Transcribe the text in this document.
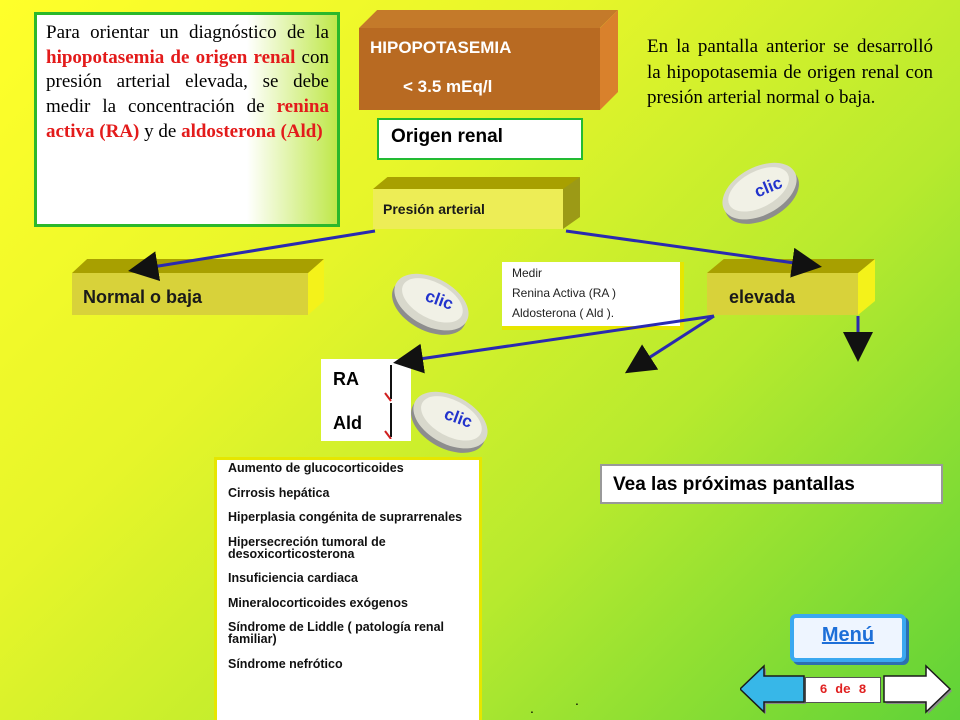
Para orientar un diagnóstico de la hipopotasemia de origen renal con presión arterial elevada, se debe medir la concentración de renina activa (RA) y de aldosterona (Ald)
HIPOPOTASEMIA
< 3.5 mEq/l
Origen renal
Presión arterial
Normal o baja	elevada
Medir
Renina Activa (RA )
Aldosterona ( Ald ).
RA
Ald
Aumento de glucocorticoides
Cirrosis hepática
Hiperplasia congénita de suprarrenales
Hipersecreción tumoral de desoxicorticosterona
Insuficiencia cardiaca
Mineralocorticoides exógenos
Síndrome de Liddle ( patología renal familiar)
Síndrome nefrótico
Vea las próximas pantallas
En la pantalla anterior se desarrolló la hipopotasemia de origen renal con presión arterial normal o baja.
clic
clic
clic
Menú
6 de 8
.	.
